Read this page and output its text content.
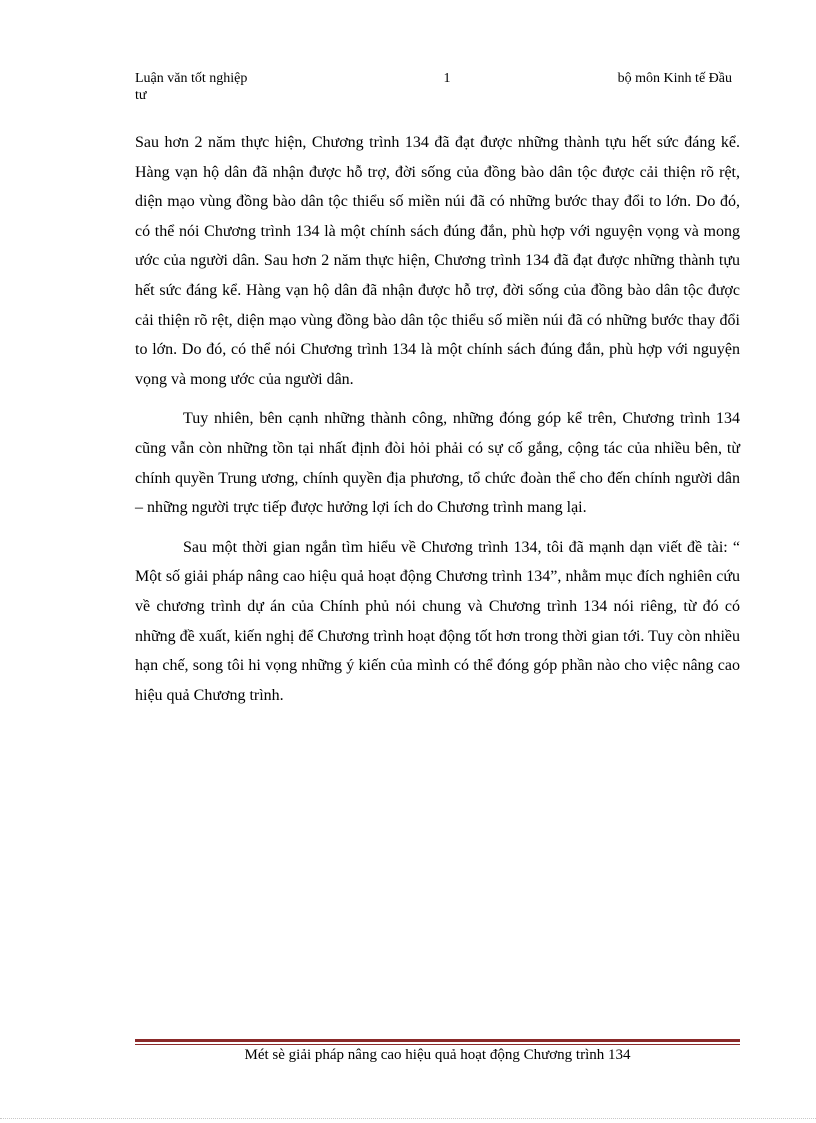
Luận văn tốt nghiệp
tư
1	bộ môn Kinh tế Đầu

Sau hơn 2 năm thực hiện, Chương trình 134 đã đạt được những thành tựu hết sức đáng kể. Hàng vạn hộ dân đã nhận được hỗ trợ, đời sống của đồng bào dân tộc được cải thiện rõ rệt, diện mạo vùng đồng bào dân tộc thiểu số miền núi đã có những bước thay đổi to lớn. Do đó, có thể nói Chương trình 134 là một chính sách đúng đắn, phù hợp với nguyện vọng và mong ước của người dân. Sau hơn 2 năm thực hiện, Chương trình 134 đã đạt được những thành tựu hết sức đáng kể. Hàng vạn hộ dân đã nhận được hỗ trợ, đời sống của đồng bào dân tộc được cải thiện rõ rệt, diện mạo vùng đồng bào dân tộc thiểu số miền núi đã có những bước thay đổi to lớn. Do đó, có thể nói Chương trình 134 là một chính sách đúng đắn, phù hợp với nguyện vọng và mong ước của người dân.

Tuy nhiên, bên cạnh những thành công, những đóng góp kể trên, Chương trình 134 cũng vẫn còn những tồn tại nhất định đòi hỏi phải có sự cố gắng, cộng tác của nhiều bên, từ chính quyền Trung ương, chính quyền địa phương, tổ chức đoàn thể cho đến chính người dân – những người trực tiếp được hưởng lợi ích do Chương trình mang lại.

Sau một thời gian ngắn tìm hiểu về Chương trình 134, tôi đã mạnh dạn viết đề tài: “ Một số giải pháp nâng cao hiệu quả hoạt động Chương trình 134”, nhằm mục đích nghiên cứu về chương trình dự án của Chính phủ nói chung và Chương trình 134 nói riêng, từ đó có những đề xuất, kiến nghị để Chương trình hoạt động tốt hơn trong thời gian tới. Tuy còn nhiều hạn chế, song tôi hi vọng những ý kiến của mình có thể đóng góp phần nào cho việc nâng cao hiệu quả Chương trình.

Mét sè giải pháp nâng cao hiệu quả hoạt động Chương trình 134
